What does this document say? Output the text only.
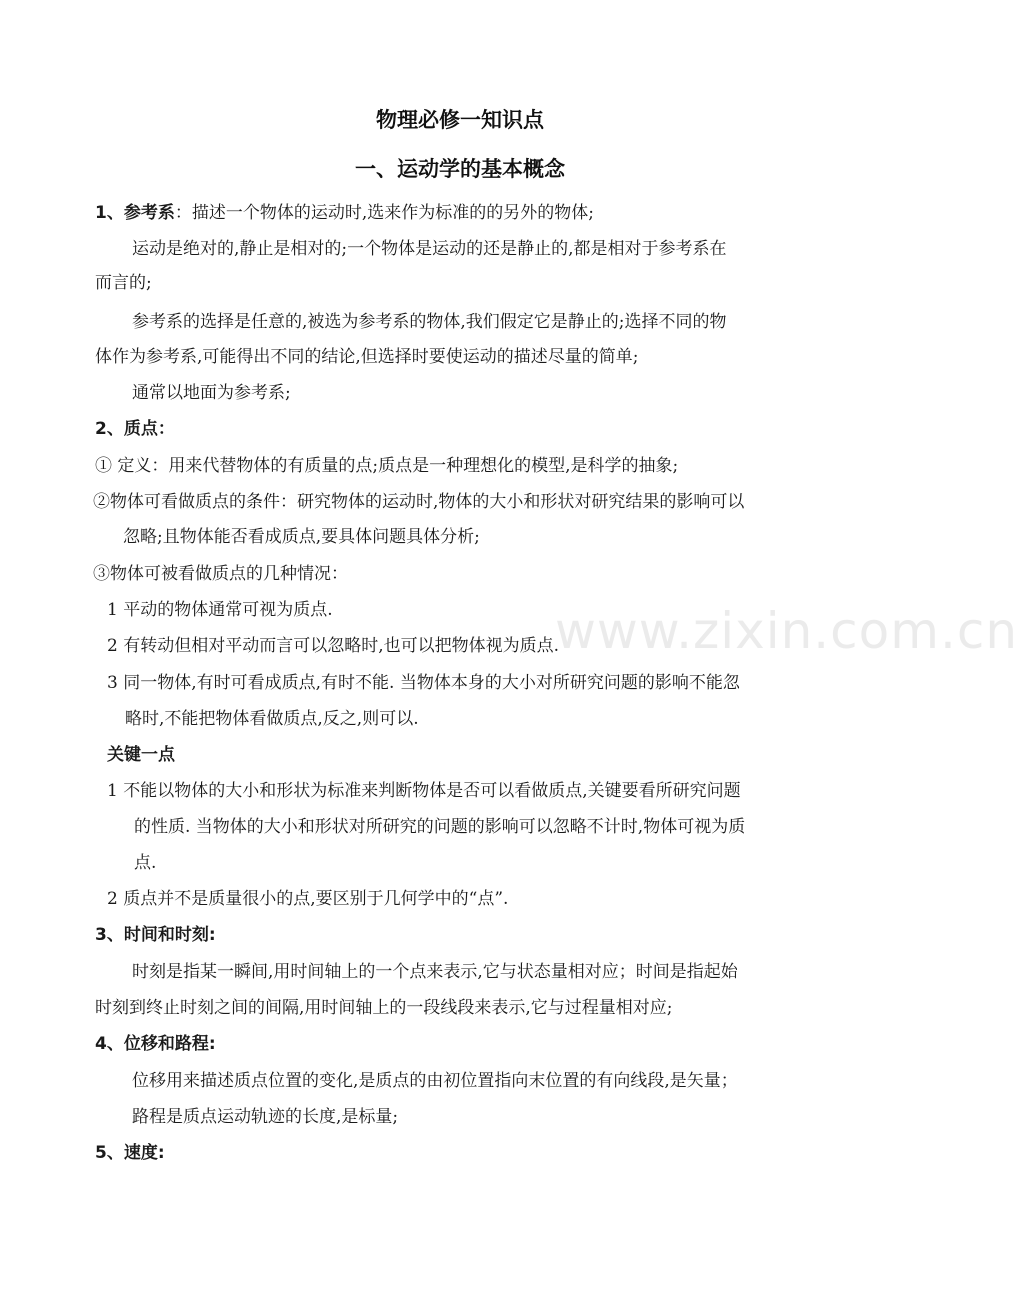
www.zixin.com.cn
物理必修一知识点
一、运动学的基本概念
1、参考系：描述一个物体的运动时,选来作为标准的的另外的物体;
运动是绝对的,静止是相对的;一个物体是运动的还是静止的,都是相对于参考系在
而言的;
参考系的选择是任意的,被选为参考系的物体,我们假定它是静止的;选择不同的物
体作为参考系,可能得出不同的结论,但选择时要使运动的描述尽量的简单;
通常以地面为参考系;
2、质点：
① 定义：用来代替物体的有质量的点;质点是一种理想化的模型,是科学的抽象;
②物体可看做质点的条件：研究物体的运动时,物体的大小和形状对研究结果的影响可以
忽略;且物体能否看成质点,要具体问题具体分析;
③物体可被看做质点的几种情况：
1 平动的物体通常可视为质点.
2 有转动但相对平动而言可以忽略时,也可以把物体视为质点.
3 同一物体,有时可看成质点,有时不能. 当物体本身的大小对所研究问题的影响不能忽
略时,不能把物体看做质点,反之,则可以.
关键一点
1 不能以物体的大小和形状为标准来判断物体是否可以看做质点,关键要看所研究问题
的性质. 当物体的大小和形状对所研究的问题的影响可以忽略不计时,物体可视为质
点.
2 质点并不是质量很小的点,要区别于几何学中的“点”.
3、时间和时刻:
时刻是指某一瞬间,用时间轴上的一个点来表示,它与状态量相对应；时间是指起始
时刻到终止时刻之间的间隔,用时间轴上的一段线段来表示,它与过程量相对应;
4、位移和路程:
位移用来描述质点位置的变化,是质点的由初位置指向末位置的有向线段,是矢量；
路程是质点运动轨迹的长度,是标量;
5、速度:
